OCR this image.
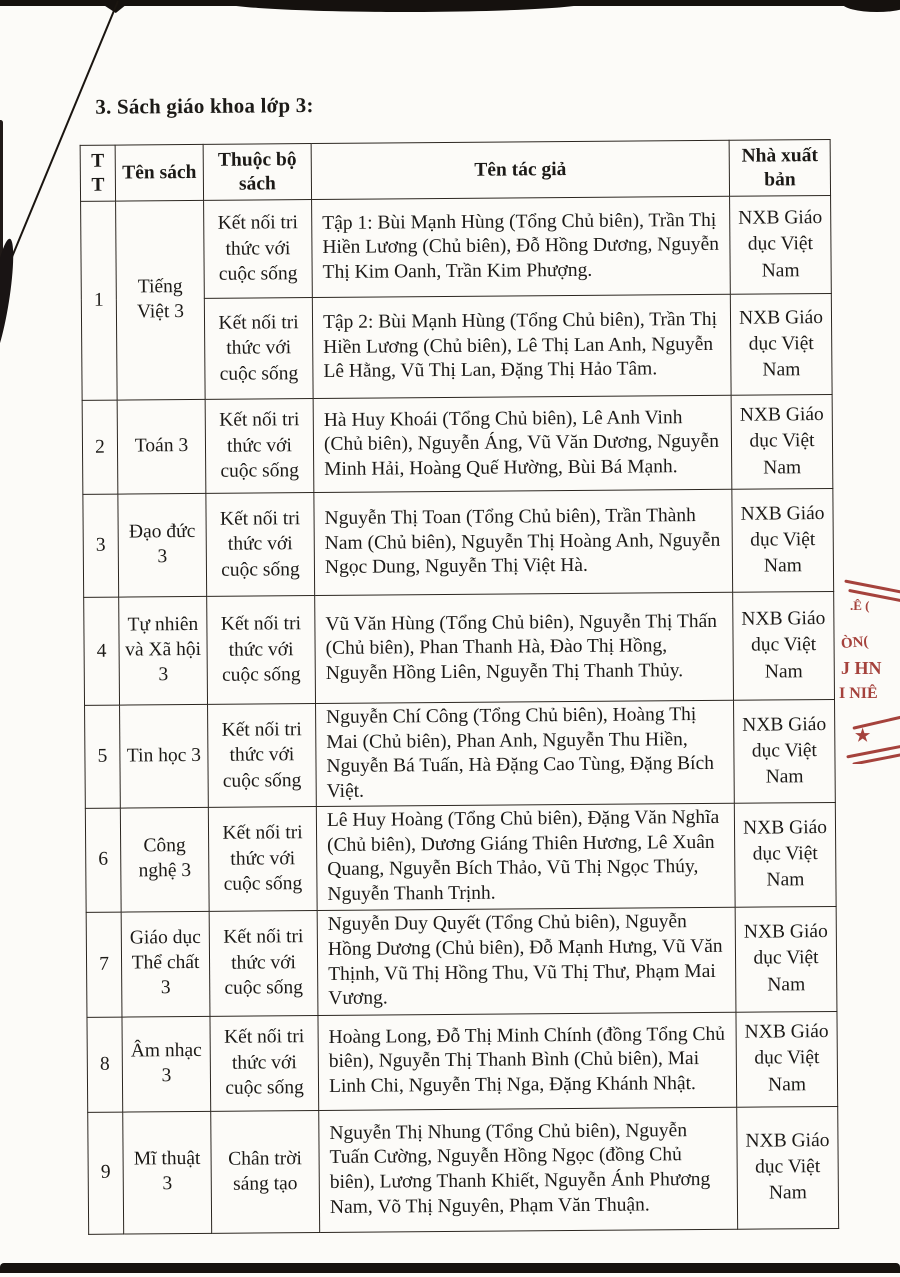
3. Sách giáo khoa lớp 3:
TT	Tên sách	Thuộc bộ sách	Tên tác giả	Nhà xuất bản
1	Tiếng Việt 3	Kết nối tri thức với cuộc sống	Tập 1: Bùi Mạnh Hùng (Tổng Chủ biên), Trần Thị Hiền Lương (Chủ biên), Đỗ Hồng Dương, Nguyễn Thị Kim Oanh, Trần Kim Phượng.	NXB Giáo dục Việt Nam
		Kết nối tri thức với cuộc sống	Tập 2: Bùi Mạnh Hùng (Tổng Chủ biên), Trần Thị Hiền Lương (Chủ biên), Lê Thị Lan Anh, Nguyễn Lê Hằng, Vũ Thị Lan, Đặng Thị Hảo Tâm.	NXB Giáo dục Việt Nam
2	Toán 3	Kết nối tri thức với cuộc sống	Hà Huy Khoái (Tổng Chủ biên), Lê Anh Vinh (Chủ biên), Nguyễn Áng, Vũ Văn Dương, Nguyễn Minh Hải, Hoàng Quế Hường, Bùi Bá Mạnh.	NXB Giáo dục Việt Nam
3	Đạo đức 3	Kết nối tri thức với cuộc sống	Nguyễn Thị Toan (Tổng Chủ biên), Trần Thành Nam (Chủ biên), Nguyễn Thị Hoàng Anh, Nguyễn Ngọc Dung, Nguyễn Thị Việt Hà.	NXB Giáo dục Việt Nam
4	Tự nhiên và Xã hội 3	Kết nối tri thức với cuộc sống	Vũ Văn Hùng (Tổng Chủ biên), Nguyễn Thị Thấn (Chủ biên), Phan Thanh Hà, Đào Thị Hồng, Nguyễn Hồng Liên, Nguyễn Thị Thanh Thủy.	NXB Giáo dục Việt Nam
5	Tin học 3	Kết nối tri thức với cuộc sống	Nguyễn Chí Công (Tổng Chủ biên), Hoàng Thị Mai (Chủ biên), Phan Anh, Nguyễn Thu Hiền, Nguyễn Bá Tuấn, Hà Đặng Cao Tùng, Đặng Bích Việt.	NXB Giáo dục Việt Nam
6	Công nghệ 3	Kết nối tri thức với cuộc sống	Lê Huy Hoàng (Tổng Chủ biên), Đặng Văn Nghĩa (Chủ biên), Dương Giáng Thiên Hương, Lê Xuân Quang, Nguyễn Bích Thảo, Vũ Thị Ngọc Thúy, Nguyễn Thanh Trịnh.	NXB Giáo dục Việt Nam
7	Giáo dục Thể chất 3	Kết nối tri thức với cuộc sống	Nguyễn Duy Quyết (Tổng Chủ biên), Nguyễn Hồng Dương (Chủ biên), Đỗ Mạnh Hưng, Vũ Văn Thịnh, Vũ Thị Hồng Thu, Vũ Thị Thư, Phạm Mai Vương.	NXB Giáo dục Việt Nam
8	Âm nhạc 3	Kết nối tri thức với cuộc sống	Hoàng Long, Đỗ Thị Minh Chính (đồng Tổng Chủ biên), Nguyễn Thị Thanh Bình (Chủ biên), Mai Linh Chi, Nguyễn Thị Nga, Đặng Khánh Nhật.	NXB Giáo dục Việt Nam
9	Mĩ thuật 3	Chân trời sáng tạo	Nguyễn Thị Nhung (Tổng Chủ biên), Nguyễn Tuấn Cường, Nguyễn Hồng Ngọc (đồng Chủ biên), Lương Thanh Khiết, Nguyễn Ánh Phương Nam, Võ Thị Nguyên, Phạm Văn Thuận.	NXB Giáo dục Việt Nam
.Ê (
ÒN(
J HN
I NIÊ
★
